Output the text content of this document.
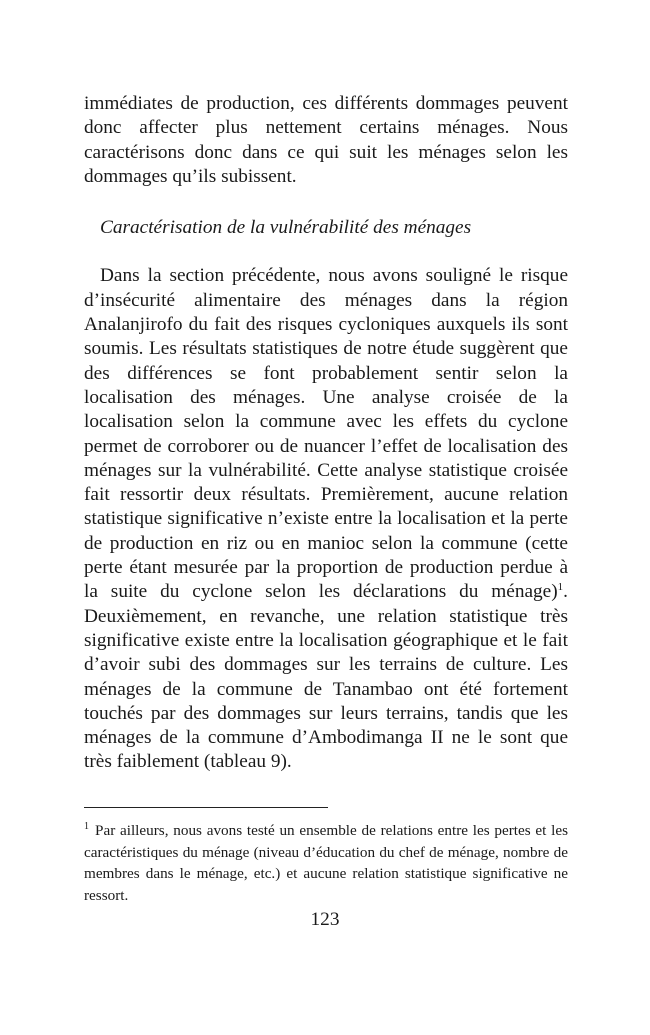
immédiates de production, ces différents dommages peuvent donc affecter plus nettement certains ménages. Nous caractérisons donc dans ce qui suit les ménages selon les dommages qu’ils subissent.

Caractérisation de la vulnérabilité des ménages

Dans la section précédente, nous avons souligné le risque d’insécurité alimentaire des ménages dans la région Analanjirofo du fait des risques cycloniques auxquels ils sont soumis. Les résultats statistiques de notre étude suggèrent que des différences se font probablement sentir selon la localisation des ménages. Une analyse croisée de la localisation selon la commune avec les effets du cyclone permet de corroborer ou de nuancer l’effet de localisation des ménages sur la vulnérabilité. Cette analyse statistique croisée fait ressortir deux résultats. Premièrement, aucune relation statistique significative n’existe entre la localisation et la perte de production en riz ou en manioc selon la commune (cette perte étant mesurée par la proportion de production perdue à la suite du cyclone selon les déclarations du ménage)$^1$. Deuxièmement, en revanche, une relation statistique très significative existe entre la localisation géographique et le fait d’avoir subi des dommages sur les terrains de culture. Les ménages de la commune de Tanambao ont été fortement touchés par des dommages sur leurs terrains, tandis que les ménages de la commune d’Ambodimanga II ne le sont que très faiblement (tableau 9).

$^1$ Par ailleurs, nous avons testé un ensemble de relations entre les pertes et les caractéristiques du ménage (niveau d’éducation du chef de ménage, nombre de membres dans le ménage, etc.) et aucune relation statistique significative ne ressort.

123
